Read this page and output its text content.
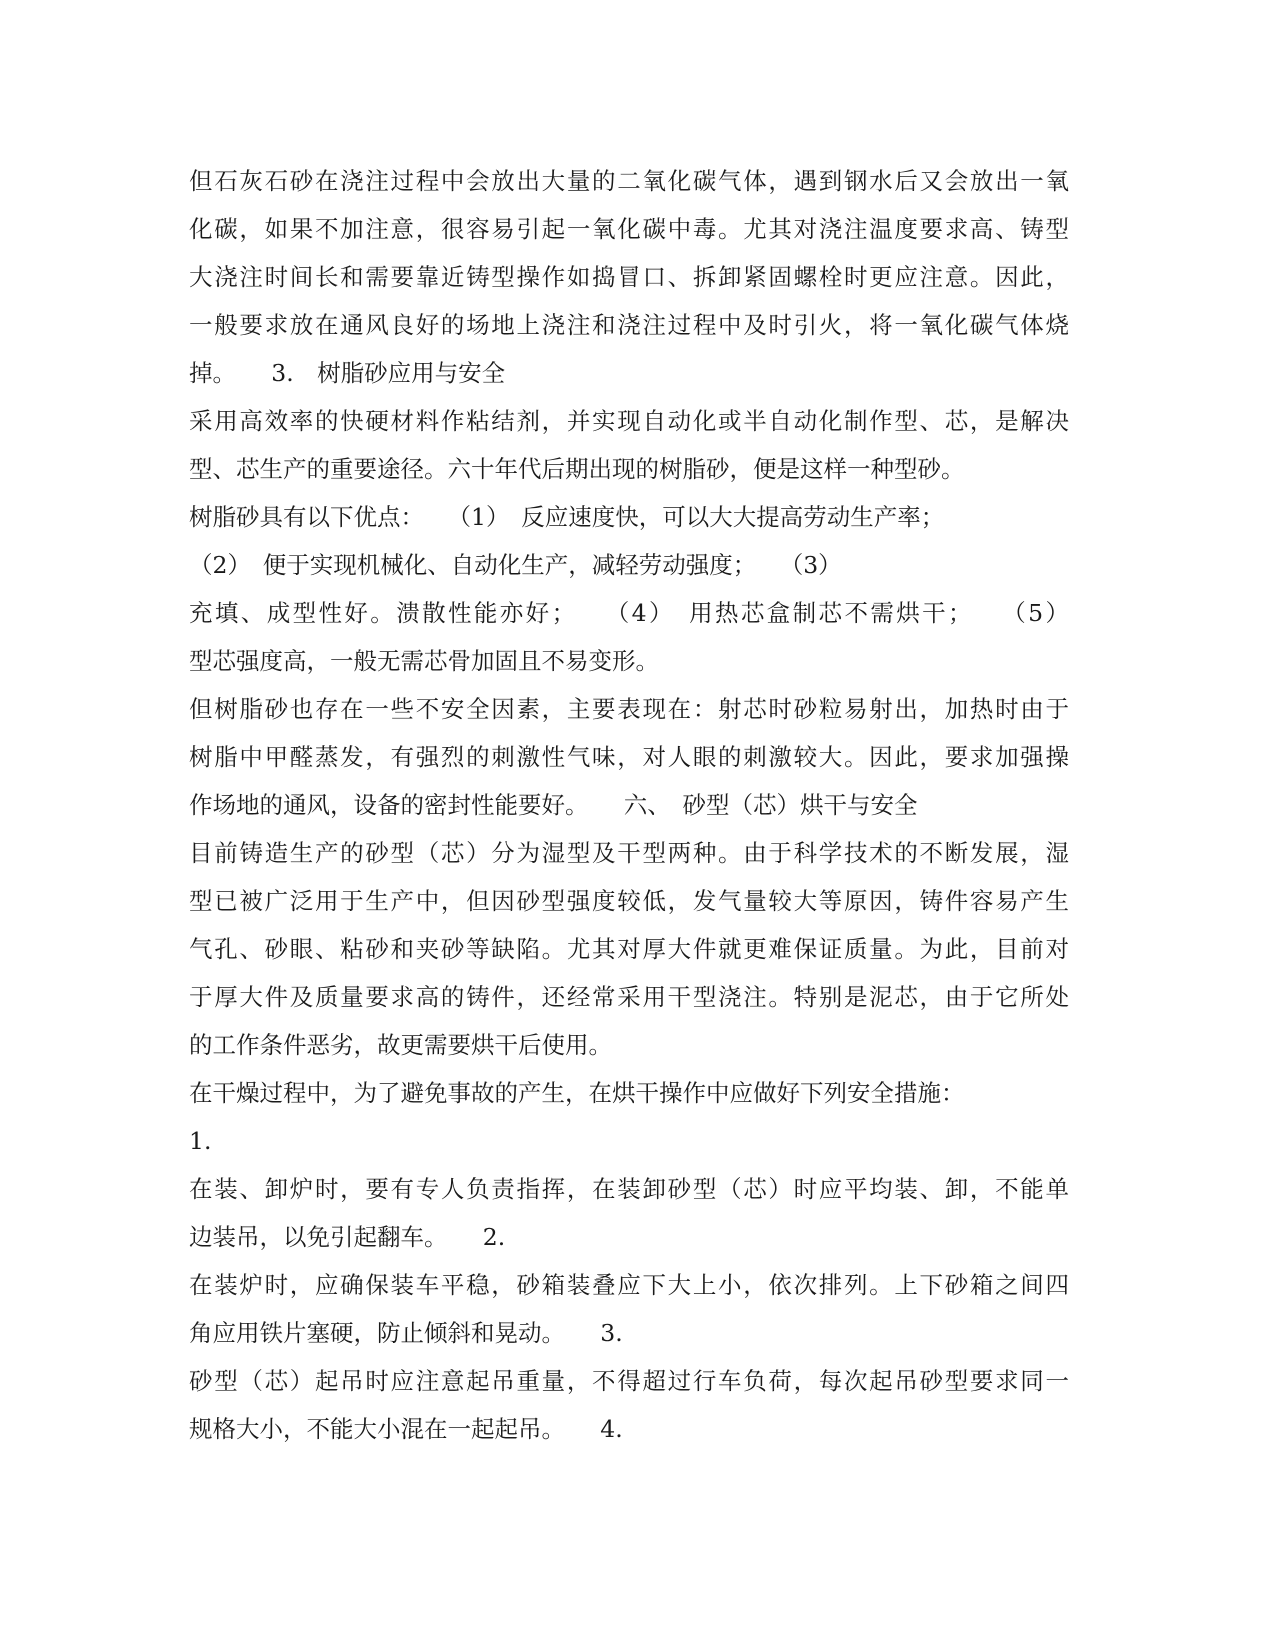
但石灰石砂在浇注过程中会放出大量的二氧化碳气体，遇到钢水后又会放出一氧
化碳，如果不加注意，很容易引起一氧化碳中毒。尤其对浇注温度要求高、铸型
大浇注时间长和需要靠近铸型操作如捣冒口、拆卸紧固螺栓时更应注意。因此，
一般要求放在通风良好的场地上浇注和浇注过程中及时引火，将一氧化碳气体烧
掉。　　3.　树脂砂应用与安全
采用高效率的快硬材料作粘结剂，并实现自动化或半自动化制作型、芯，是解决
型、芯生产的重要途径。六十年代后期出现的树脂砂，便是这样一种型砂。
树脂砂具有以下优点：　　（1）　反应速度快，可以大大提高劳动生产率；
（2）　便于实现机械化、自动化生产，减轻劳动强度；　　（3）
充填、成型性好。溃散性能亦好；　　（4）　用热芯盒制芯不需烘干；　　（5）
型芯强度高，一般无需芯骨加固且不易变形。
但树脂砂也存在一些不安全因素，主要表现在：射芯时砂粒易射出，加热时由于
树脂中甲醛蒸发，有强烈的刺激性气味，对人眼的刺激较大。因此，要求加强操
作场地的通风，设备的密封性能要好。　　六、　砂型（芯）烘干与安全
目前铸造生产的砂型（芯）分为湿型及干型两种。由于科学技术的不断发展，湿
型已被广泛用于生产中，但因砂型强度较低，发气量较大等原因，铸件容易产生
气孔、砂眼、粘砂和夹砂等缺陷。尤其对厚大件就更难保证质量。为此，目前对
于厚大件及质量要求高的铸件，还经常采用干型浇注。特别是泥芯，由于它所处
的工作条件恶劣，故更需要烘干后使用。
在干燥过程中，为了避免事故的产生，在烘干操作中应做好下列安全措施：
1.
在装、卸炉时，要有专人负责指挥，在装卸砂型（芯）时应平均装、卸，不能单
边装吊，以免引起翻车。　　2.
在装炉时，应确保装车平稳，砂箱装叠应下大上小，依次排列。上下砂箱之间四
角应用铁片塞硬，防止倾斜和晃动。　　3.
砂型（芯）起吊时应注意起吊重量，不得超过行车负荷，每次起吊砂型要求同一
规格大小，不能大小混在一起起吊。　　4.
